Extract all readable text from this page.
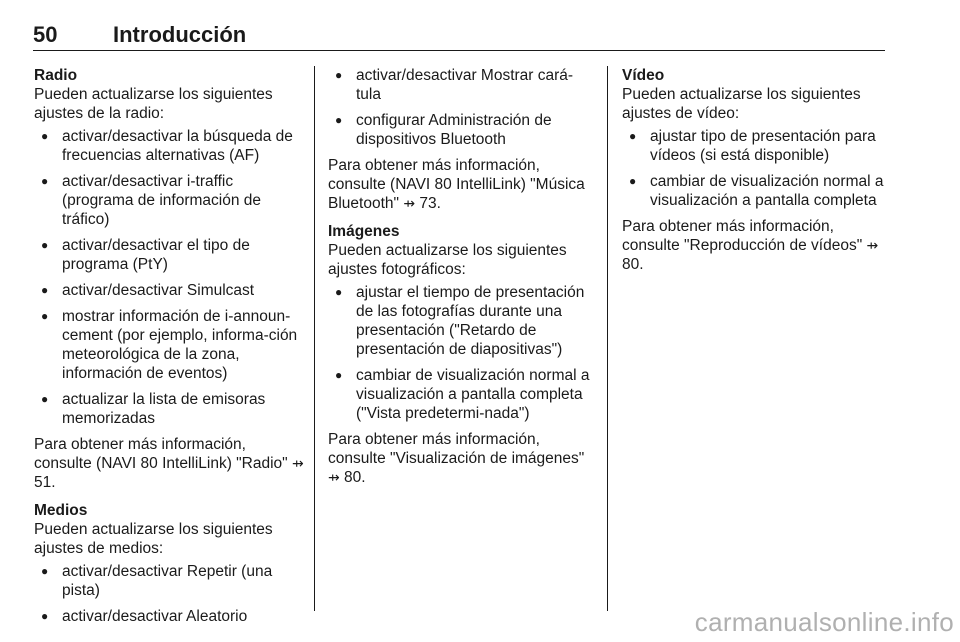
50	Introducción

Radio

Pueden actualizarse los siguientes ajustes de la radio:

● activar/desactivar la búsqueda de frecuencias alternativas (AF)
● activar/desactivar i-traffic (programa de información de tráfico)
● activar/desactivar el tipo de programa (PtY)
● activar/desactivar Simulcast
● mostrar información de i-announ-cement (por ejemplo, informa-ción meteorológica de la zona, información de eventos)
● actualizar la lista de emisoras memorizadas

Para obtener más información, consulte (NAVI 80 IntelliLink) "Radio" ⇸ 51.

Medios

Pueden actualizarse los siguientes ajustes de medios:

● activar/desactivar Repetir (una pista)
● activar/desactivar Aleatorio
● activar/desactivar Mostrar cará-tula
● configurar Administración de dispositivos Bluetooth

Para obtener más información, consulte (NAVI 80 IntelliLink) "Música Bluetooth" ⇸ 73.

Imágenes

Pueden actualizarse los siguientes ajustes fotográficos:

● ajustar el tiempo de presentación de las fotografías durante una presentación ("Retardo de presentación de diapositivas")
● cambiar de visualización normal a visualización a pantalla completa ("Vista predetermi-nada")

Para obtener más información, consulte "Visualización de imágenes" ⇸ 80.

Vídeo

Pueden actualizarse los siguientes ajustes de vídeo:

● ajustar tipo de presentación para vídeos (si está disponible)
● cambiar de visualización normal a visualización a pantalla completa

Para obtener más información, consulte "Reproducción de vídeos" ⇸ 80.

carmanualsonline.info
